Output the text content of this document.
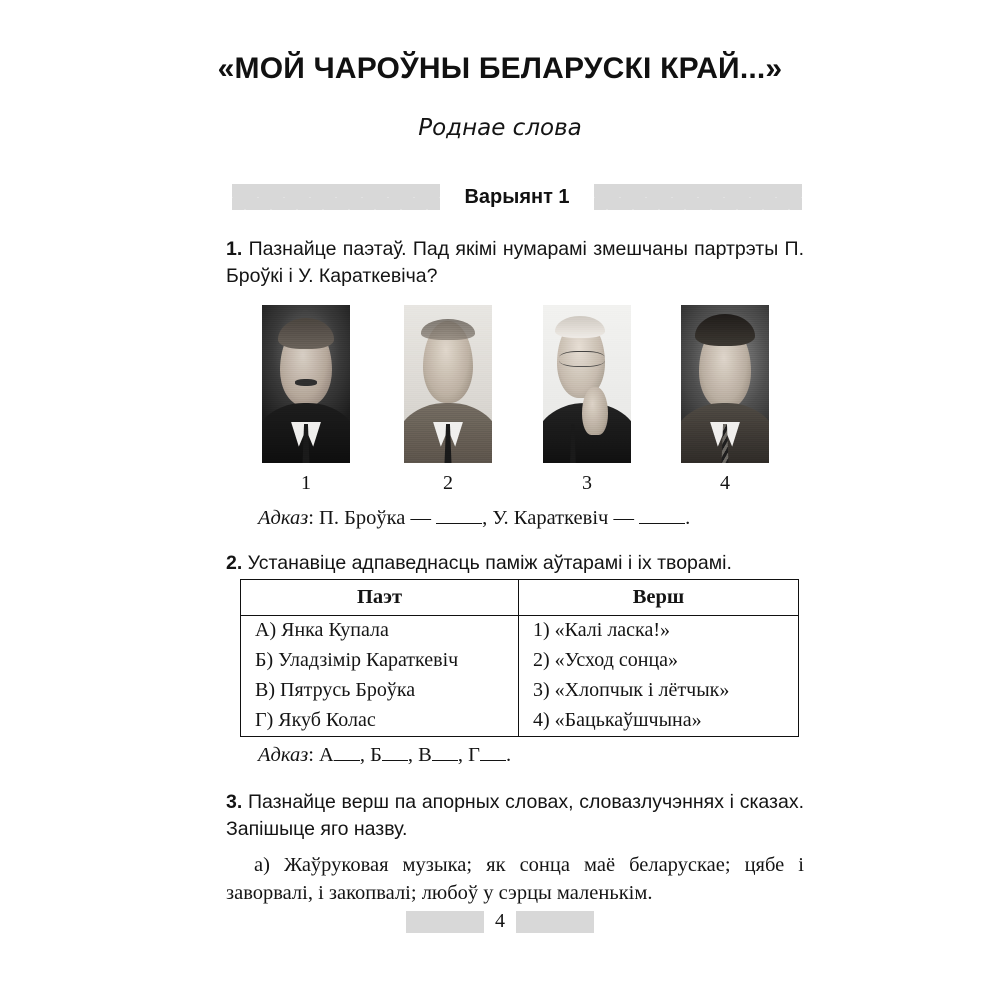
«МОЙ ЧАРОЎНЫ БЕЛАРУСКІ КРАЙ...»
Роднае слова
Варыянт 1
1. Пазнайце паэтаў. Пад якімі нумарамі змешчаны партрэты П. Броўкі і У. Караткевіча?
1	2	3	4
Адказ: П. Броўка — , У. Караткевіч — .
2. Устанавіце адпаведнасць паміж аўтарамі і іх творамі.
Паэт	Верш
А) Янка Купала	1) «Калі ласка!»
Б) Уладзімір Караткевіч	2) «Усход сонца»
В) Пятрусь Броўка	3) «Хлопчык і лётчык»
Г) Якуб Колас	4) «Бацькаўшчына»
Адказ: А , Б , В , Г .
3. Пазнайце верш па апорных словах, словазлучэннях і сказах. Запішыце яго назву.
а) Жаўруковая музыка; як сонца маё беларускае; цябе і заворвалі, і закопвалі; любоў у сэрцы маленькім.
4
